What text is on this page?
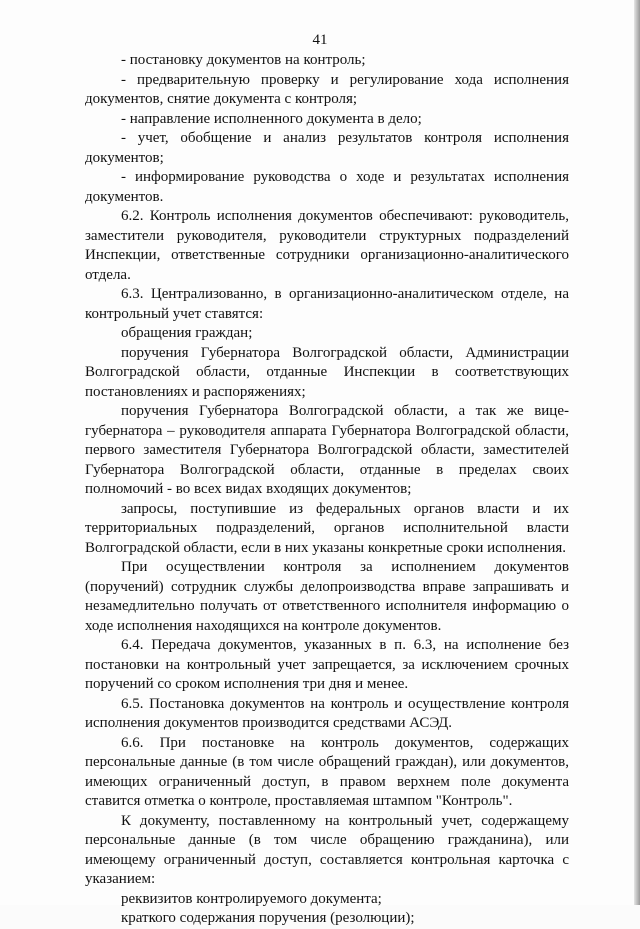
41

- постановку документов на контроль;

- предварительную проверку и регулирование хода исполнения документов, снятие документа с контроля;

- направление исполненного документа в дело;

- учет, обобщение и анализ результатов контроля исполнения документов;

- информирование руководства о ходе и результатах исполнения документов.

6.2. Контроль исполнения документов обеспечивают: руководитель, заместители руководителя, руководители структурных подразделений Инспекции, ответственные сотрудники организационно-аналитического отдела.

6.3. Централизованно, в организационно-аналитическом отделе, на контрольный учет ставятся:

обращения граждан;

поручения Губернатора Волгоградской области, Администрации Волгоградской области, отданные Инспекции в соответствующих постановлениях и распоряжениях;

поручения Губернатора Волгоградской области, а так же вице-губернатора – руководителя аппарата Губернатора Волгоградской области, первого заместителя Губернатора Волгоградской области, заместителей Губернатора Волгоградской области, отданные в пределах своих полномочий - во всех видах входящих документов;

запросы, поступившие из федеральных органов власти и их территориальных подразделений, органов исполнительной власти Волгоградской области, если в них указаны конкретные сроки исполнения.

При осуществлении контроля за исполнением документов (поручений) сотрудник службы делопроизводства вправе запрашивать и незамедлительно получать от ответственного исполнителя информацию о ходе исполнения находящихся на контроле документов.

6.4. Передача документов, указанных в п. 6.3, на исполнение без постановки на контрольный учет запрещается, за исключением срочных поручений со сроком исполнения три дня и менее.

6.5. Постановка документов на контроль и осуществление контроля исполнения документов производится средствами АСЭД.

6.6. При постановке на контроль документов, содержащих персональные данные (в том числе обращений граждан), или документов, имеющих ограниченный доступ, в правом верхнем поле документа ставится отметка о контроле, проставляемая штампом "Контроль".

К документу, поставленному на контрольный учет, содержащему персональные данные (в том числе обращению гражданина), или имеющему ограниченный доступ, составляется контрольная карточка с указанием:

реквизитов контролируемого документа;

краткого содержания поручения (резолюции);
